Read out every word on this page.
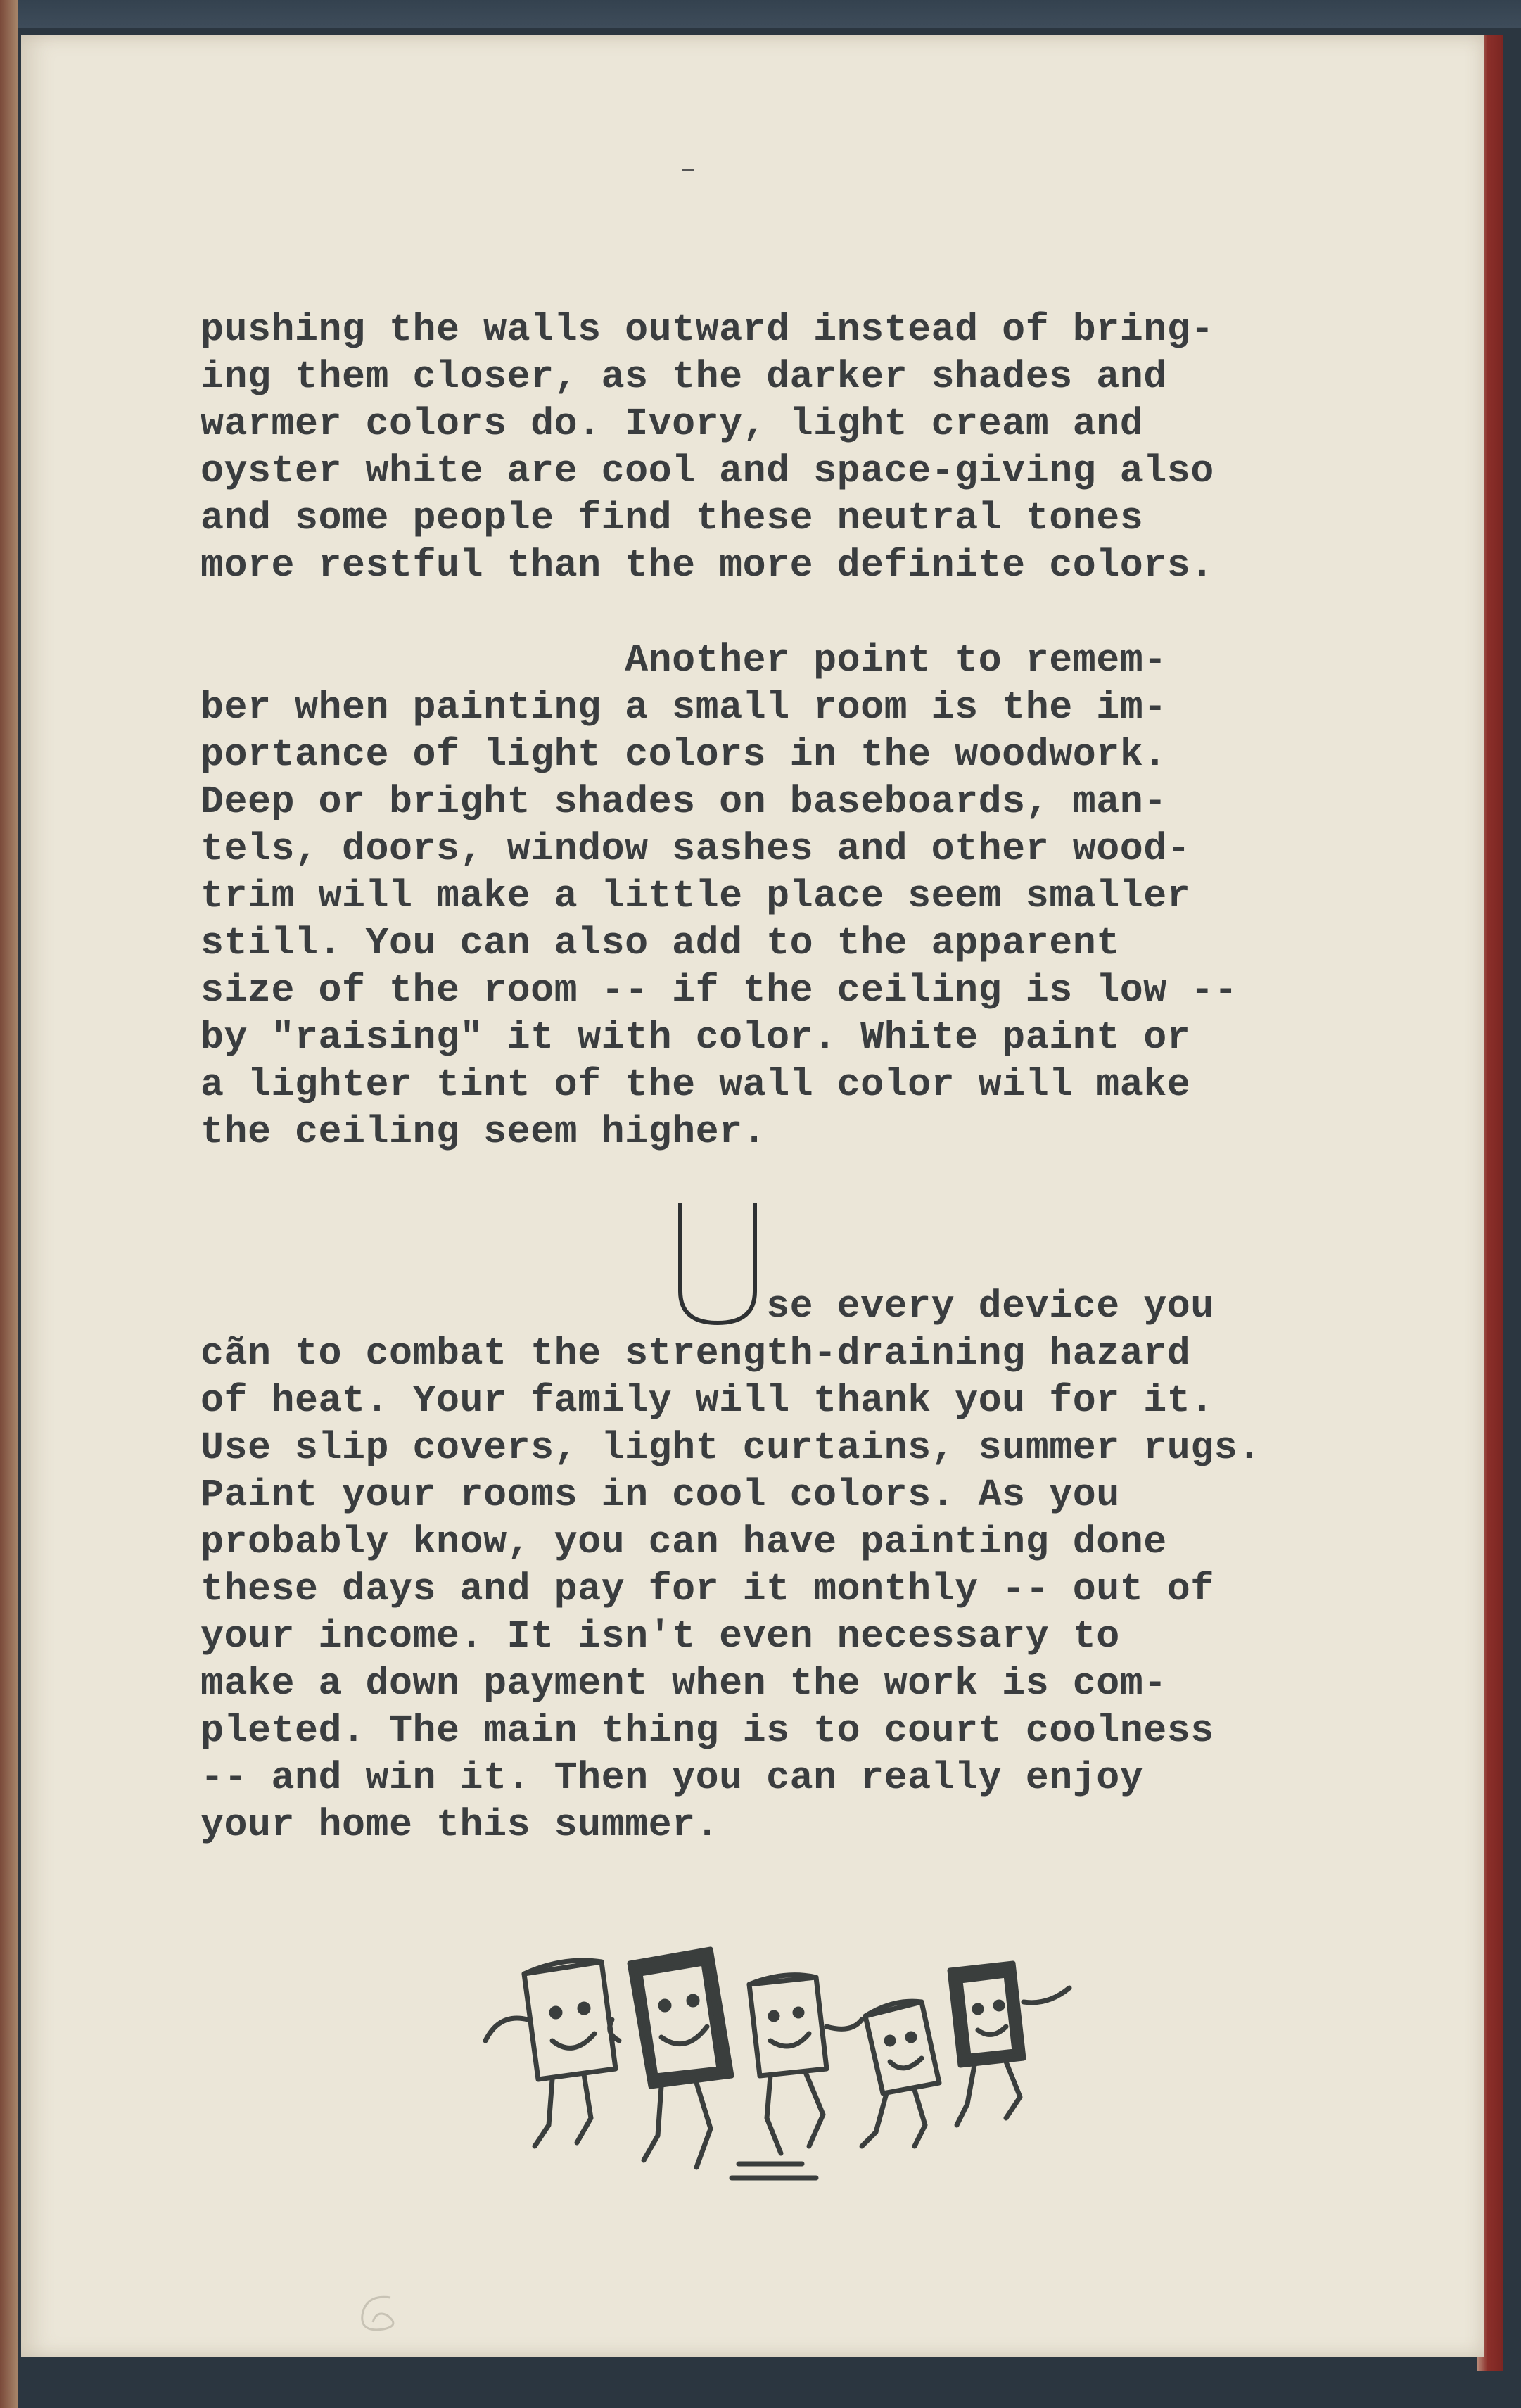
pushing the walls outward instead of bring-
ing them closer, as the darker shades and
warmer colors do. Ivory, light cream and
oyster white are cool and space-giving also
and some people find these neutral tones
more restful than the more definite colors.
Another point to remem-
ber when painting a small room is the im-
portance of light colors in the woodwork.
Deep or bright shades on baseboards, man-
tels, doors, window sashes and other wood-
trim will make a little place seem smaller
still. You can also add to the apparent
size of the room -- if the ceiling is low --
by "raising" it with color. White paint or
a lighter tint of the wall color will make
the ceiling seem higher.
se every device you
cãn to combat the strength-draining hazard
of heat. Your family will thank you for it.
Use slip covers, light curtains, summer rugs.
Paint your rooms in cool colors. As you
probably know, you can have painting done
these days and pay for it monthly -- out of
your income. It isn't even necessary to
make a down payment when the work is com-
pleted. The main thing is to court coolness
-- and win it. Then you can really enjoy
your home this summer.
